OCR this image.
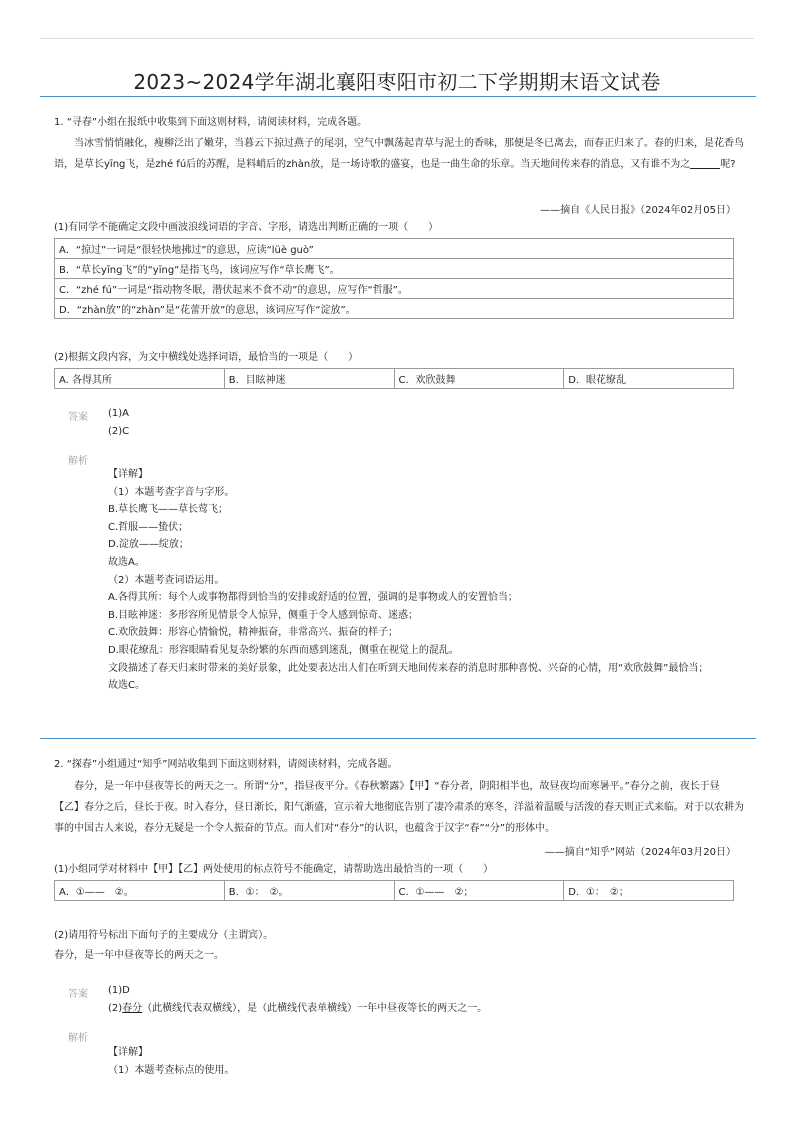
2023~2024学年湖北襄阳枣阳市初二下学期期末语文试卷
1. “寻春”小组在报纸中收集到下面这则材料，请阅读材料，完成各题。
当冰雪悄悄融化，瘦柳泛出了嫩芽，当暮云下掠过燕子的尾羽，空气中飘荡起青草与泥土的香味，那便是冬已离去，而春正归来了。春的归来，是花香鸟语，是草长yīng飞，是zhé fú后的苏醒，是料峭后的zhàn放，是一场诗歌的盛宴，也是一曲生命的乐章。当天地间传来春的消息，又有谁不为之	呢?
——摘自《人民日报》（2024年02月05日）
(1)有同学不能确定文段中画波浪线词语的字音、字形，请选出判断正确的一项（　　）
A．“掠过”一词是“很轻快地拂过”的意思，应读“lüè guò”
B．“草长yīng飞”的“yīng”是指飞鸟，该词应写作“草长鹰飞”。
C．“zhé fú”一词是“指动物冬眠，潜伏起来不食不动”的意思，应写作“哲服”。
D．“zhàn放”的“zhàn”是“花蕾开放”的意思，该词应写作“淀放”。
(2)根据文段内容，为文中横线处选择词语，最恰当的一项是（　　）
A. 各得其所	B．目眩神迷	C．欢欣鼓舞	D．眼花缭乱
答案 (1)A
(2)C
解析
【详解】
（1）本题考查字音与字形。
B.草长鹰飞——草长莺飞；
C.哲服——蛰伏；
D.淀放——绽放；
故选A。
（2）本题考查词语运用。
A.各得其所：每个人或事物都得到恰当的安排或舒适的位置，强调的是事物或人的安置恰当；
B.目眩神迷：多形容所见情景令人惊异，侧重于令人感到惊奇、迷惑；
C.欢欣鼓舞：形容心情愉悦，精神振奋，非常高兴、振奋的样子；
D.眼花缭乱：形容眼睛看见复杂纷繁的东西而感到迷乱，侧重在视觉上的混乱。
文段描述了春天归来时带来的美好景象，此处要表达出人们在听到天地间传来春的消息时那种喜悦、兴奋的心情，用“欢欣鼓舞”最恰当；
故选C。
2. “探春”小组通过“知乎”网站收集到下面这则材料，请阅读材料，完成各题。
春分，是一年中昼夜等长的两天之一。所谓“分”，指昼夜平分。《春秋繁露》【甲】“春分者，阴阳相半也，故昼夜均而寒暑平。”春分之前，夜长于昼【乙】春分之后，昼长于夜。时入春分，昼日渐长，阳气渐盛，宣示着大地彻底告别了凄冷肃杀的寒冬，洋溢着温暖与活泼的春天则正式来临。对于以农耕为事的中国古人来说，春分无疑是一个令人振奋的节点。而人们对“春分”的认识，也蕴含于汉字“春”“分”的形体中。
——摘自“知乎”网站（2024年03月20日）
(1)小组同学对材料中【甲】【乙】两处使用的标点符号不能确定，请帮助选出最恰当的一项（　　）
A．①——　②。	B．①：　②。	C．①——　②；	D．①：　②；
(2)请用符号标出下面句子的主要成分（主谓宾）。
春分，是一年中昼夜等长的两天之一。
答案 (1)D
(2)春分（此横线代表双横线），是（此横线代表单横线）一年中昼夜等长的两天之一。
解析
【详解】
（1）本题考查标点的使用。
